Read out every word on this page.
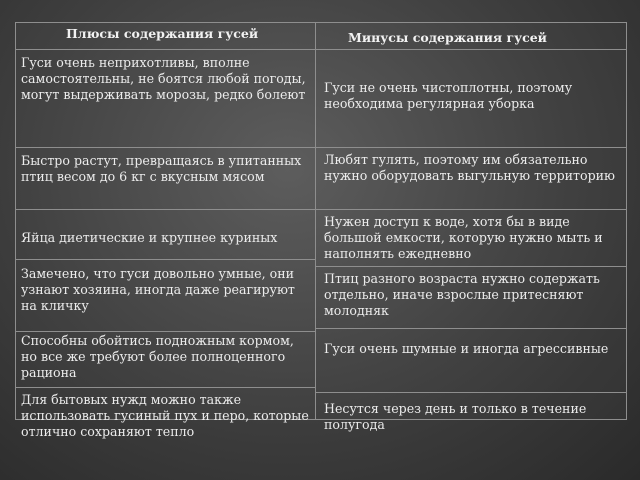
Плюсы содержания гусей	Минусы содержания гусей
Гуси очень неприхотливы, вполне самостоятельны, не боятся любой погоды, могут выдерживать морозы, редко болеют
Быстро растут, превращаясь в упитанных птиц весом до 6 кг с вкусным мясом
Яйца диетические и крупнее куриных
Замечено, что гуси довольно умные, они узнают хозяина, иногда даже реагируют на кличку
Способны обойтись подножным кормом, но все же требуют более полноценного рациона
Для бытовых нужд можно также использовать гусиный пух и перо, которые отлично сохраняют тепло
Гуси не очень чистоплотны, поэтому необходима регулярная уборка
Любят гулять, поэтому им обязательно нужно оборудовать выгульную территорию
Нужен доступ к воде, хотя бы в виде большой емкости, которую нужно мыть и наполнять ежедневно
Птиц разного возраста нужно содержать отдельно, иначе взрослые притесняют молодняк
Гуси очень шумные и иногда агрессивные
Несутся через день и только в течение полугода
